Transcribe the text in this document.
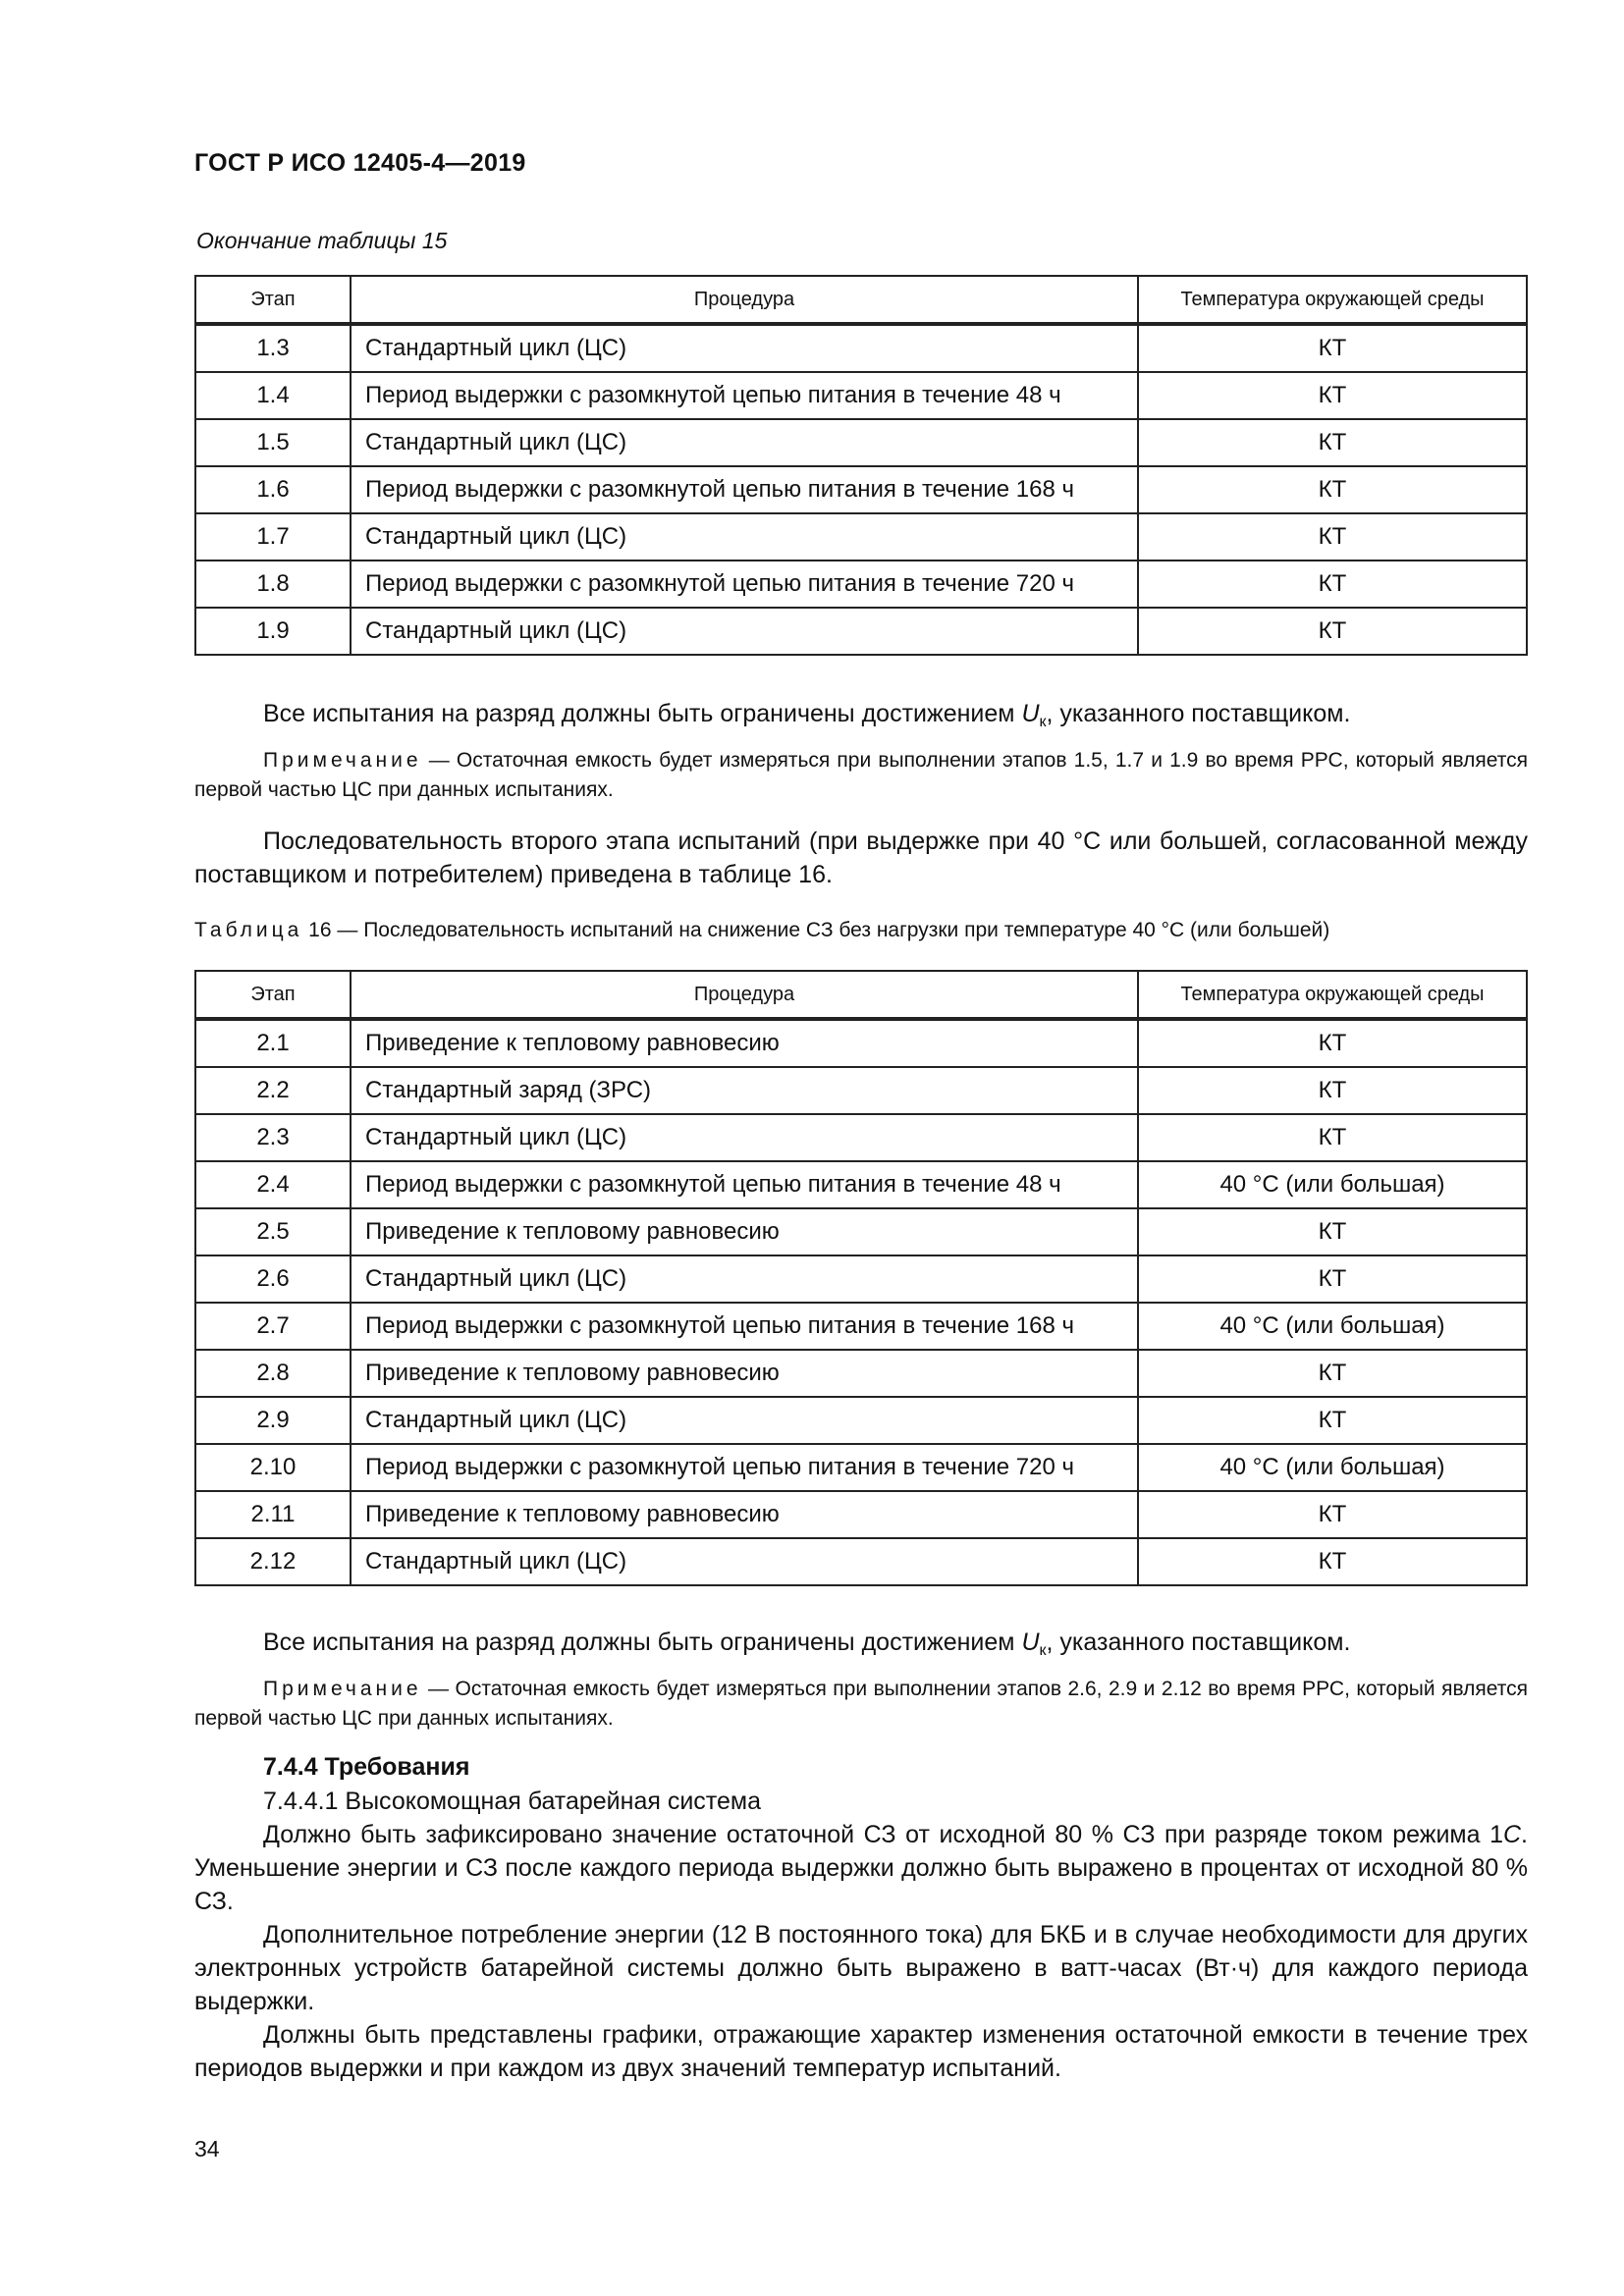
ГОСТ Р ИСО 12405-4—2019
Окончание таблицы 15
Этап	Процедура	Температура окружающей среды
1.3	Стандартный цикл (ЦС)	КТ
1.4	Период выдержки с разомкнутой цепью питания в течение 48 ч	КТ
1.5	Стандартный цикл (ЦС)	КТ
1.6	Период выдержки с разомкнутой цепью питания в течение 168 ч	КТ
1.7	Стандартный цикл (ЦС)	КТ
1.8	Период выдержки с разомкнутой цепью питания в течение 720 ч	КТ
1.9	Стандартный цикл (ЦС)	КТ

Все испытания на разряд должны быть ограничены достижением $U_к$, указанного поставщиком.

Примечание — Остаточная емкость будет измеряться при выполнении этапов 1.5, 1.7 и 1.9 во время РРС, который является первой частью ЦС при данных испытаниях.

Последовательность второго этапа испытаний (при выдержке при 40 °С или большей, согласованной между поставщиком и потребителем) приведена в таблице 16.

Таблица 16 — Последовательность испытаний на снижение СЗ без нагрузки при температуре 40 °С (или большей)
Этап	Процедура	Температура окружающей среды
2.1	Приведение к тепловому равновесию	КТ
2.2	Стандартный заряд (ЗРС)	КТ
2.3	Стандартный цикл (ЦС)	КТ
2.4	Период выдержки с разомкнутой цепью питания в течение 48 ч	40 °С (или большая)
2.5	Приведение к тепловому равновесию	КТ
2.6	Стандартный цикл (ЦС)	КТ
2.7	Период выдержки с разомкнутой цепью питания в течение 168 ч	40 °С (или большая)
2.8	Приведение к тепловому равновесию	КТ
2.9	Стандартный цикл (ЦС)	КТ
2.10	Период выдержки с разомкнутой цепью питания в течение 720 ч	40 °С (или большая)
2.11	Приведение к тепловому равновесию	КТ
2.12	Стандартный цикл (ЦС)	КТ

Все испытания на разряд должны быть ограничены достижением $U_к$, указанного поставщиком.

Примечание — Остаточная емкость будет измеряться при выполнении этапов 2.6, 2.9 и 2.12 во время РРС, который является первой частью ЦС при данных испытаниях.

7.4.4 Требования

7.4.4.1 Высокомощная батарейная система

Должно быть зафиксировано значение остаточной СЗ от исходной 80 % СЗ при разряде током режима 1С. Уменьшение энергии и СЗ после каждого периода выдержки должно быть выражено в процентах от исходной 80 % СЗ.

Дополнительное потребление энергии (12 В постоянного тока) для БКБ и в случае необходимости для других электронных устройств батарейной системы должно быть выражено в ватт-часах (Вт·ч) для каждого периода выдержки.

Должны быть представлены графики, отражающие характер изменения остаточной емкости в течение трех периодов выдержки и при каждом из двух значений температур испытаний.

34
